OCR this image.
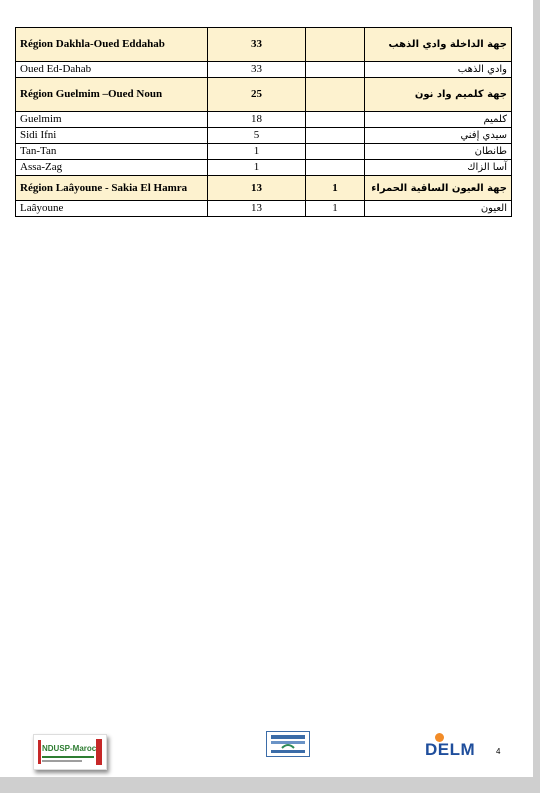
Région Dakhla-Oued Eddahab	33		جهة الداخلة وادي الذهب
Oued Ed-Dahab	33		وادي الذهب
Région Guelmim –Oued Noun	25		جهة كلميم واد نون
Guelmim	18		كلميم
Sidi Ifni	5		سيدي إفني
Tan-Tan	1		طانطان
Assa-Zag	1		آسا الزاك
Région Laâyoune - Sakia El Hamra	13	1	جهة العيون الساقية الحمراء
Laâyoune	13	1	العيون
NDUSP-Maroc	DELM	4
